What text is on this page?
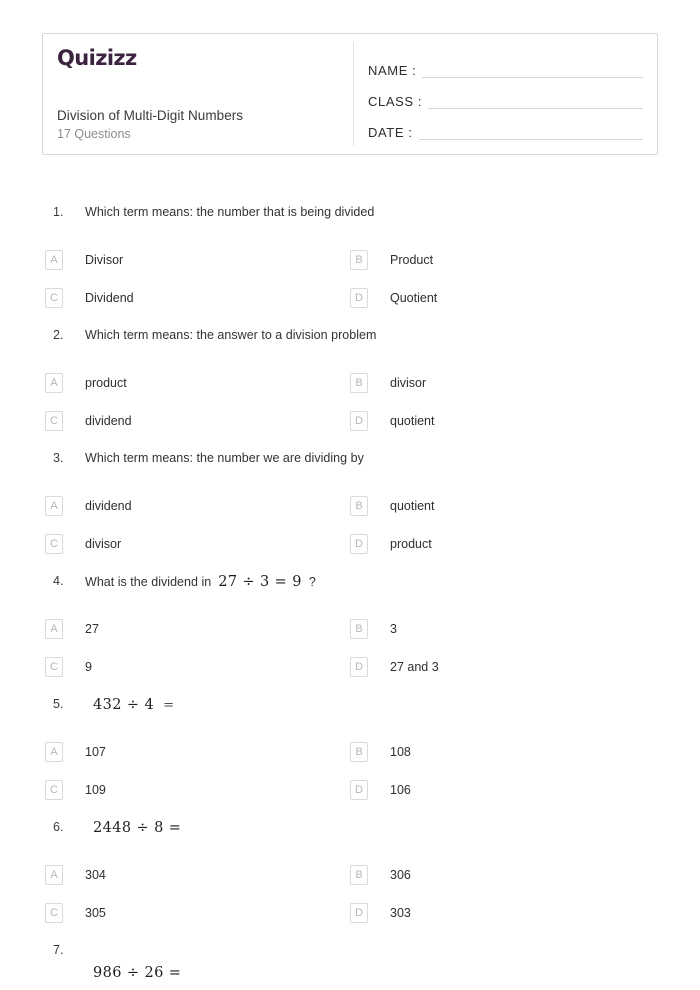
Quizizz
Division of Multi-Digit Numbers
17 Questions
NAME :
CLASS :
DATE :
1.	Which term means: the number that is being divided
A	Divisor	B	Product
C	Dividend	D	Quotient
2.	Which term means: the answer to a division problem
A	product	B	divisor
C	dividend	D	quotient
3.	Which term means: the number we are dividing by
A	dividend	B	quotient
C	divisor	D	product
4.	What is the dividend in 27 ÷ 3 = 9 ?
A	27	B	3
C	9	D	27 and 3
5.	432 ÷ 4 =
A	107	B	108
C	109	D	106
6.	2448 ÷ 8 =
A	304	B	306
C	305	D	303
7.
986 ÷ 26 =
